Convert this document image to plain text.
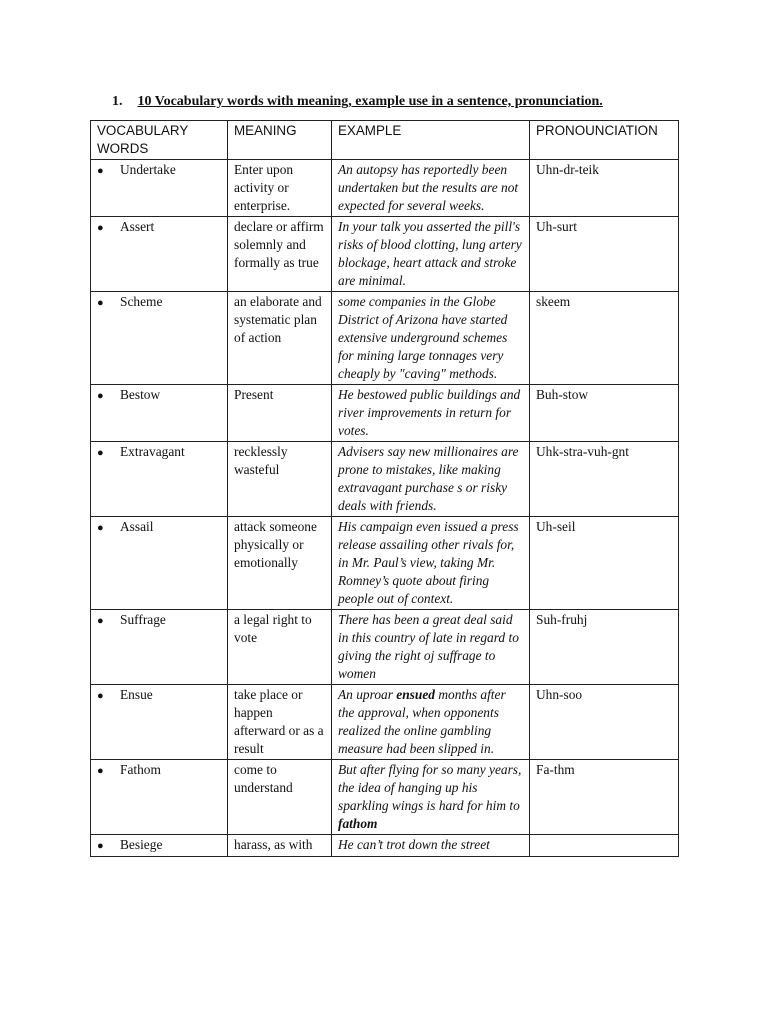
1. 10 Vocabulary words with meaning, example use in a sentence, pronunciation.
VOCABULARY WORDS	MEANING	EXAMPLE	PRONOUNCIATION
● Undertake	Enter upon activity or enterprise.	An autopsy has reportedly been undertaken but the results are not expected for several weeks.	Uhn-dr-teik
● Assert	declare or affirm solemnly and formally as true	In your talk you asserted the pill's risks of blood clotting, lung artery blockage, heart attack and stroke are minimal.	Uh-surt
● Scheme	an elaborate and systematic plan of action	some companies in the Globe District of Arizona have started extensive underground schemes for mining large tonnages very cheaply by "caving" methods.	skeem
● Bestow	Present	He bestowed public buildings and river improvements in return for votes.	Buh-stow
● Extravagant	recklessly wasteful	Advisers say new millionaires are prone to mistakes, like making extravagant purchase s or risky deals with friends.	Uhk-stra-vuh-gnt
● Assail	attack someone physically or emotionally	His campaign even issued a press release assailing other rivals for, in Mr. Paul’s view, taking Mr. Romney’s quote about firing people out of context.	Uh-seil
● Suffrage	a legal right to vote	There has been a great deal said in this country of late in regard to giving the right oj suffrage to women	Suh-fruhj
● Ensue	take place or happen afterward or as a result	An uproar ensued months after the approval, when opponents realized the online gambling measure had been slipped in.	Uhn-soo
● Fathom	come to understand	But after flying for so many years, the idea of hanging up his sparkling wings is hard for him to fathom	Fa-thm
● Besiege	harass, as with	He can’t trot down the street	
